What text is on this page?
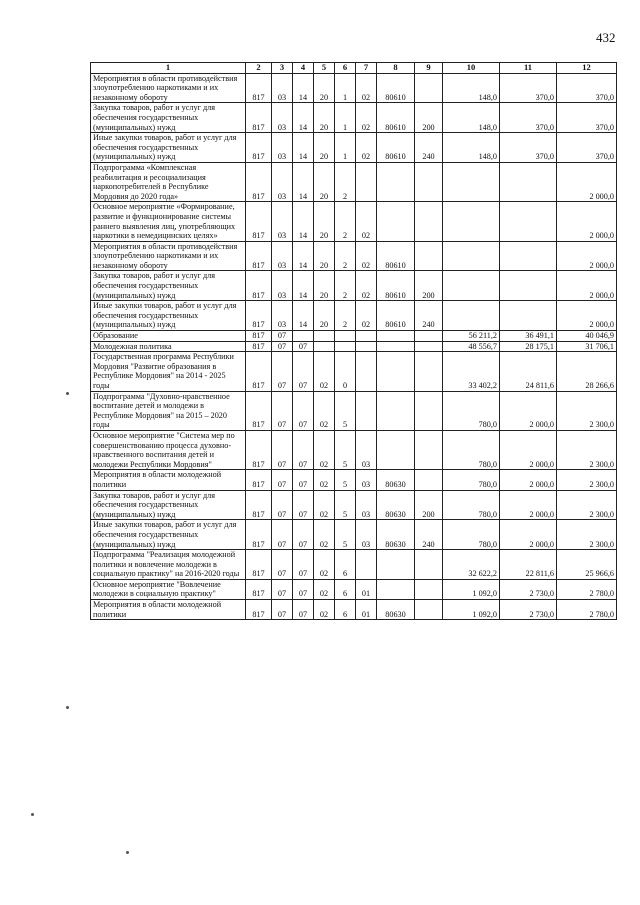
432
1	2	3	4	5	6	7	8	9	10	11	12
Мероприятия в области противодействия злоупотреблению наркотиками и их незаконному обороту	817	03	14	20	1	02	80610		148,0	370,0	370,0
Закупка товаров, работ и услуг для обеспечения государственных (муниципальных) нужд	817	03	14	20	1	02	80610	200	148,0	370,0	370,0
Иные закупки товаров, работ и услуг для обеспечения государственных (муниципальных) нужд	817	03	14	20	1	02	80610	240	148,0	370,0	370,0
Подпрограмма «Комплексная реабилитация и ресоциализация наркопотребителей в Республике Мордовия до 2020 года»	817	03	14	20	2						2 000,0
Основное мероприятие «Формирование, развитие и функционирование системы раннего выявления лиц, употребляющих наркотики в немедицинских целях»	817	03	14	20	2	02					2 000,0
Мероприятия в области противодействия злоупотреблению наркотиками и их незаконному обороту	817	03	14	20	2	02	80610				2 000,0
Закупка товаров, работ и услуг для обеспечения государственных (муниципальных) нужд	817	03	14	20	2	02	80610	200			2 000,0
Иные закупки товаров, работ и услуг для обеспечения государственных (муниципальных) нужд	817	03	14	20	2	02	80610	240			2 000,0
Образование	817	07							56 211,2	36 491,1	40 046,9
Молодежная политика	817	07	07						48 556,7	28 175,1	31 706,1
Государственная программа Республики Мордовия "Развитие образования в Республике Мордовия" на 2014 - 2025 годы	817	07	07	02	0				33 402,2	24 811,6	28 266,6
Подпрограмма "Духовно-нравственное воспитание детей и молодежи в Республике Мордовия" на 2015 – 2020 годы	817	07	07	02	5				780,0	2 000,0	2 300,0
Основное мероприятие "Система мер по совершенствованию процесса духовно-нравственного воспитания детей и молодежи Республики Мордовия"	817	07	07	02	5	03			780,0	2 000,0	2 300,0
Мероприятия в области молодежной политики	817	07	07	02	5	03	80630		780,0	2 000,0	2 300,0
Закупка товаров, работ и услуг для обеспечения государственных (муниципальных) нужд	817	07	07	02	5	03	80630	200	780,0	2 000,0	2 300,0
Иные закупки товаров, работ и услуг для обеспечения государственных (муниципальных) нужд	817	07	07	02	5	03	80630	240	780,0	2 000,0	2 300,0
Подпрограмма "Реализация молодежной политики и вовлечение молодежи в социальную практику" на 2016-2020 годы	817	07	07	02	6				32 622,2	22 811,6	25 966,6
Основное мероприятие "Вовлечение молодежи в социальную практику"	817	07	07	02	6	01			1 092,0	2 730,0	2 780,0
Мероприятия в области молодежной политики	817	07	07	02	6	01	80630		1 092,0	2 730,0	2 780,0
